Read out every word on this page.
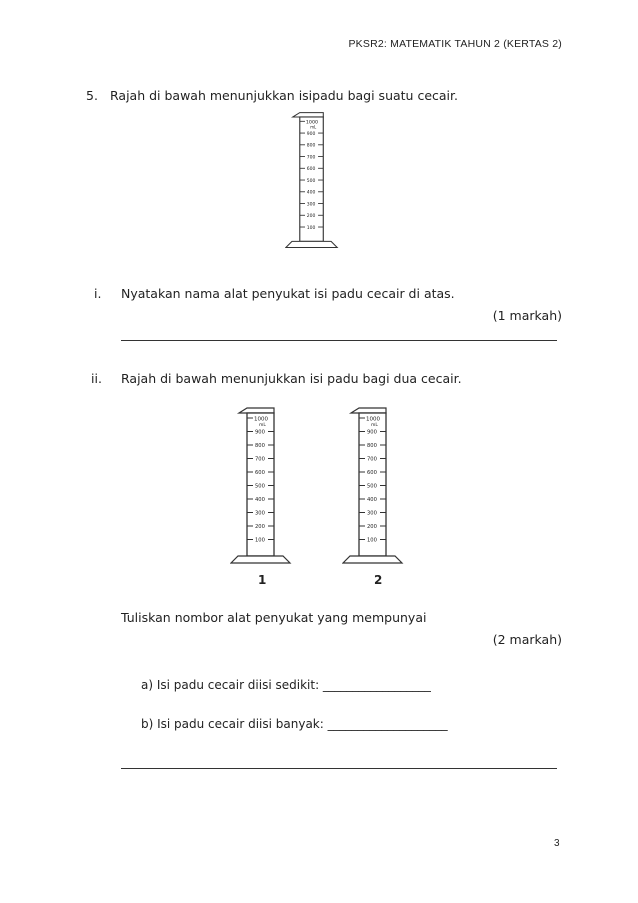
PKSR2: MATEMATIK TAHUN 2 (KERTAS 2)
5. Rajah di bawah menunjukkan isipadu bagi suatu cecair.
1000
mL
900
800
700
600
500
400
300
200
100
i. Nyatakan nama alat penyukat isi padu cecair di atas.
(1 markah)
ii. Rajah di bawah menunjukkan isi padu bagi dua cecair.
1000
mL
900
800
700
600
500
400
300
200
100
1000
mL
900
800
700
600
500
400
300
200
100
1	2
Tuliskan nombor alat penyukat yang mempunyai
(2 markah)
a) Isi padu cecair diisi sedikit: __________________
b) Isi padu cecair diisi banyak: ____________________
3
